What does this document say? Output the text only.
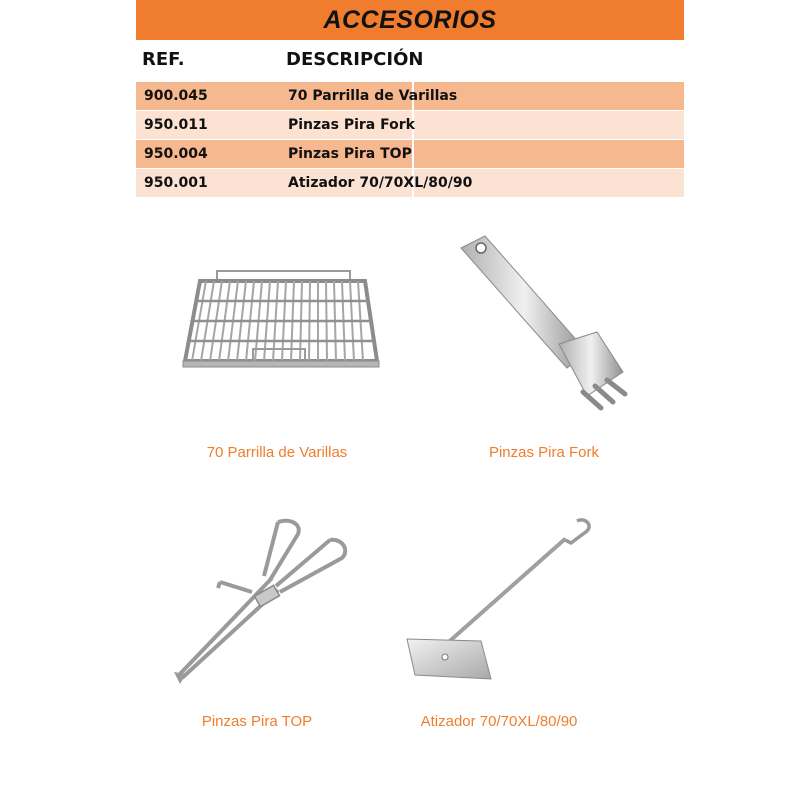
ACCESORIOS
REF.	DESCRIPCIÓN
900.045	70 Parrilla de Varillas
950.011	Pinzas Pira Fork
950.004	Pinzas Pira TOP
950.001	Atizador 70/70XL/80/90
70 Parrilla de Varillas	Pinzas Pira Fork
Pinzas Pira TOP	Atizador 70/70XL/80/90
